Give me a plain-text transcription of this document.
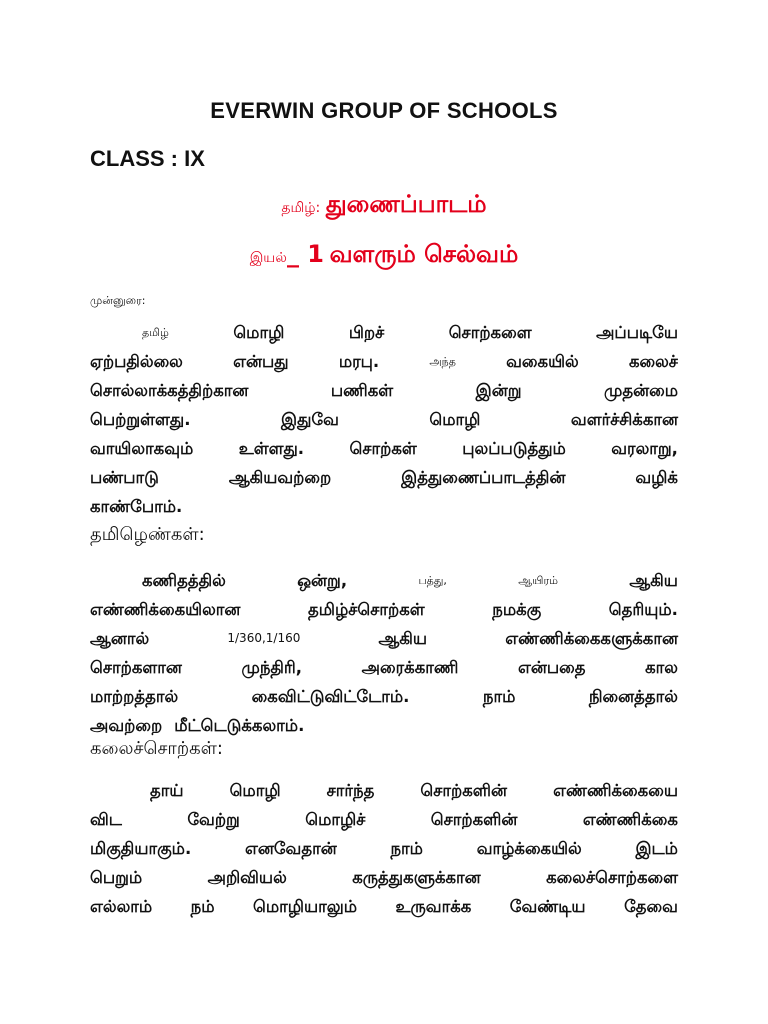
EVERWIN GROUP OF SCHOOLS
CLASS : IX
தமிழ்: துணைப்பாடம்
இயல்_ 1 வளரும் செல்வம்
முன்னுரை:
தமிழ்	மொழி	பிறச்	சொற்களை	அப்படியே
ஏற்பதில்லை	என்பது	மரபு.	அந்த	வகையில்	கலைச்
சொல்லாக்கத்திற்கான	பணிகள்	இன்று	முதன்மை
பெற்றுள்ளது.	இதுவே	மொழி	வளர்ச்சிக்கான
வாயிலாகவும்	உள்ளது.	சொற்கள்	புலப்படுத்தும்	வரலாறு,
பண்பாடு	ஆகியவற்றை	இத்துணைப்பாடத்தின்	வழிக்
காண்போம்.
தமிழெண்கள்:
கணிதத்தில்	ஒன்று,	பத்து,	ஆயிரம்	ஆகிய
எண்ணிக்கையிலான	தமிழ்ச்சொற்கள்	நமக்கு	தெரியும்.
ஆனால்	1/360,1/160	ஆகிய	எண்ணிக்கைகளுக்கான
சொற்களான	முந்திரி,	அரைக்காணி	என்பதை	கால
மாற்றத்தால்	கைவிட்டுவிட்டோம்.	நாம்	நினைத்தால்
அவற்றை மீட்டெடுக்கலாம்.
கலைச்சொற்கள்:
தாய்	மொழி	சார்ந்த	சொற்களின்	எண்ணிக்கையை
விட	வேற்று	மொழிச்	சொற்களின்	எண்ணிக்கை
மிகுதியாகும்.	எனவேதான்	நாம்	வாழ்க்கையில்	இடம்
பெறும்	அறிவியல்	கருத்துகளுக்கான	கலைச்சொற்களை
எல்லாம் நம் மொழியாலும் உருவாக்க வேண்டிய தேவை
